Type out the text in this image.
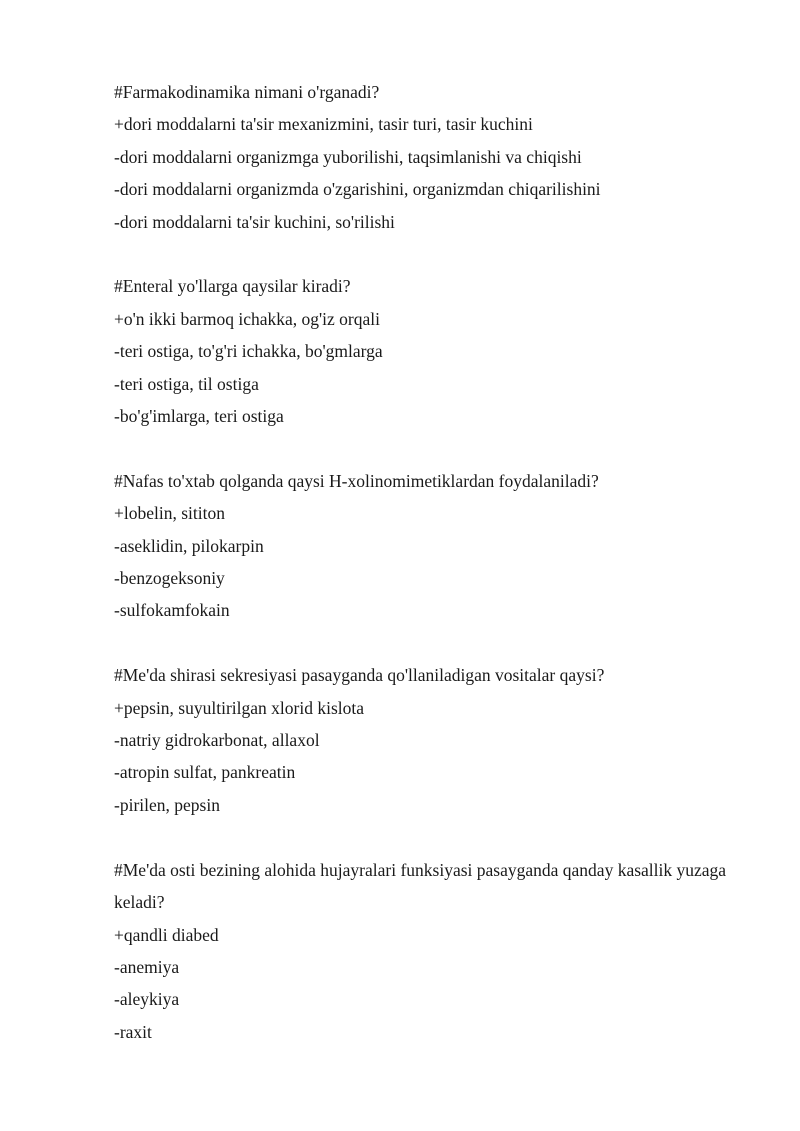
#Farmakodinamika nimani o'rganadi?
+dori moddalarni ta'sir mexanizmini, tasir turi, tasir kuchini
-dori moddalarni organizmga yuborilishi, taqsimlanishi va chiqishi
-dori moddalarni organizmda o'zgarishini, organizmdan chiqarilishini
-dori moddalarni ta'sir kuchini, so'rilishi
#Enteral yo'llarga qaysilar kiradi?
+o'n ikki barmoq ichakka, og'iz orqali
-teri ostiga, to'g'ri ichakka, bo'gmlarga
-teri ostiga, til ostiga
-bo'g'imlarga, teri ostiga
#Nafas to'xtab qolganda qaysi H-xolinomimetiklardan foydalaniladi?
+lobelin, sititon
-aseklidin, pilokarpin
-benzogeksoniy
-sulfokamfokain
#Me'da shirasi sekresiyasi pasayganda qo'llaniladigan vositalar qaysi?
+pepsin, suyultirilgan xlorid kislota
-natriy gidrokarbonat, allaxol
-atropin sulfat, pankreatin
-pirilen, pepsin
#Me'da osti bezining alohida hujayralari funksiyasi pasayganda qanday kasallik yuzaga keladi?
+qandli diabed
-anemiya
-aleykiya
-raxit
